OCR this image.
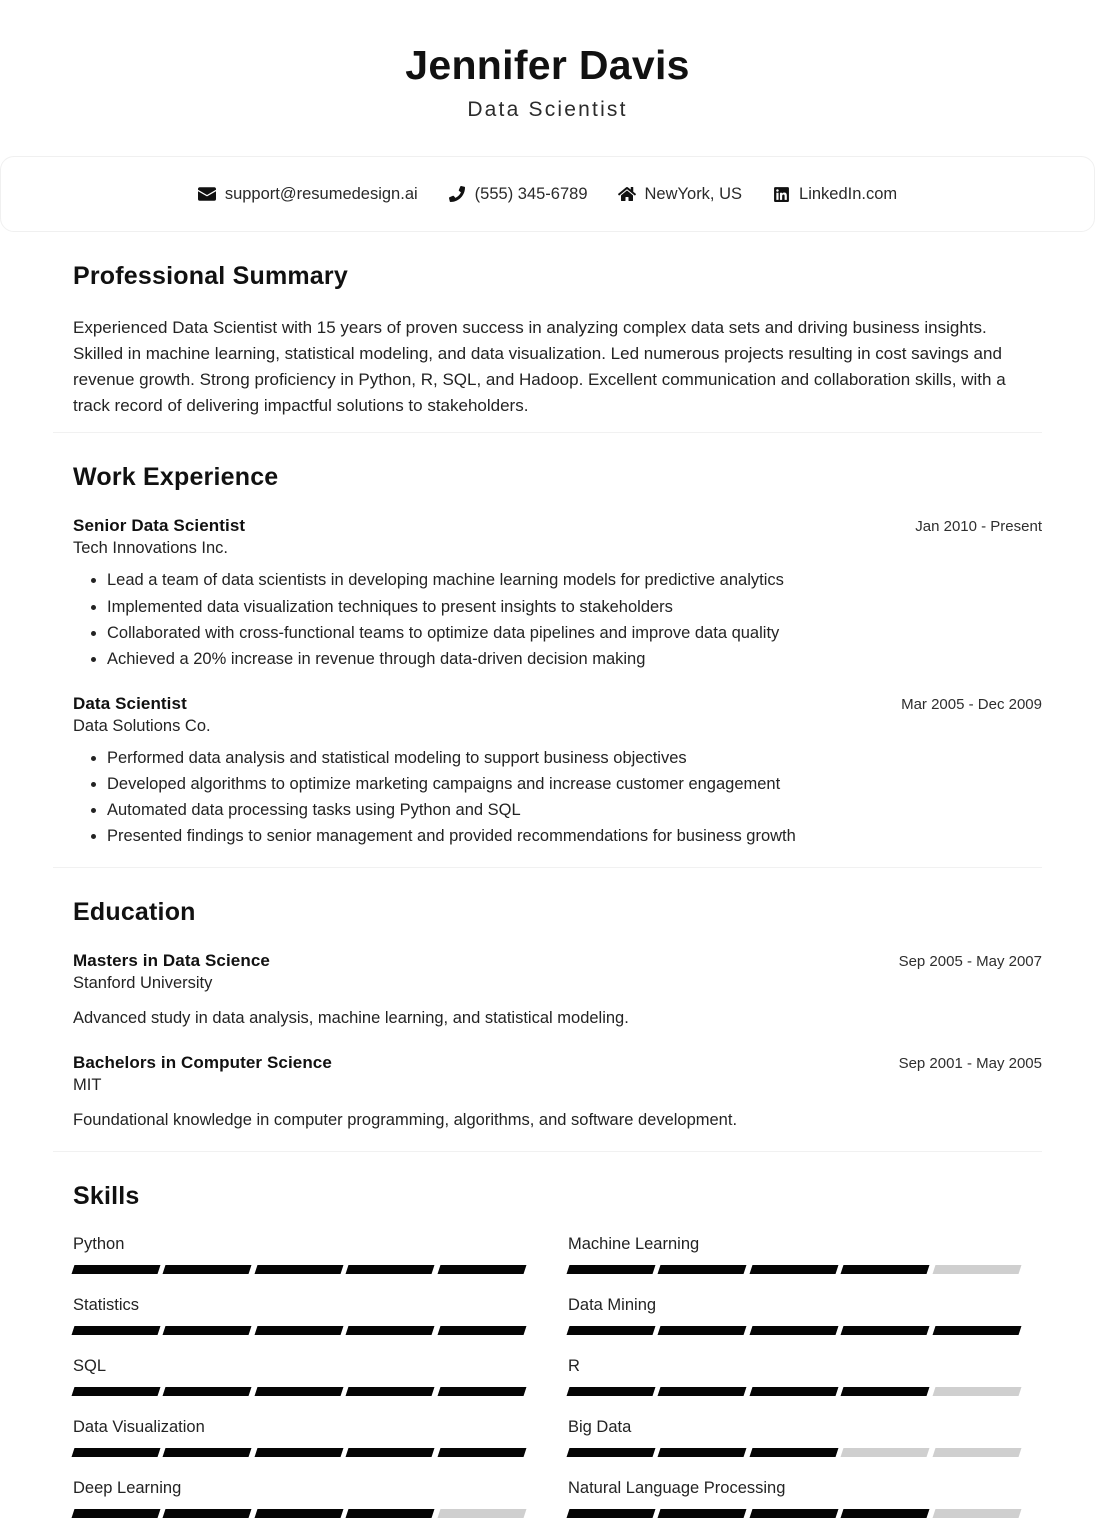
Jennifer Davis
Data Scientist
support@resumedesign.ai	(555) 345-6789	NewYork, US	LinkedIn.com
Professional Summary

Experienced Data Scientist with 15 years of proven success in analyzing complex data sets and driving business insights. Skilled in machine learning, statistical modeling, and data visualization. Led numerous projects resulting in cost savings and revenue growth. Strong proficiency in Python, R, SQL, and Hadoop. Excellent communication and collaboration skills, with a track record of delivering impactful solutions to stakeholders.

Work Experience
Senior Data Scientist	Jan 2010 - Present
Tech Innovations Inc.
• Lead a team of data scientists in developing machine learning models for predictive analytics
• Implemented data visualization techniques to present insights to stakeholders
• Collaborated with cross-functional teams to optimize data pipelines and improve data quality
• Achieved a 20% increase in revenue through data-driven decision making
Data Scientist	Mar 2005 - Dec 2009
Data Solutions Co.
• Performed data analysis and statistical modeling to support business objectives
• Developed algorithms to optimize marketing campaigns and increase customer engagement
• Automated data processing tasks using Python and SQL
• Presented findings to senior management and provided recommendations for business growth
Education
Masters in Data Science	Sep 2005 - May 2007
Stanford University
Advanced study in data analysis, machine learning, and statistical modeling.
Bachelors in Computer Science	Sep 2001 - May 2005
MIT
Foundational knowledge in computer programming, algorithms, and software development.
Skills
Python	Machine Learning
Statistics	Data Mining
SQL	R
Data Visualization	Big Data
Deep Learning	Natural Language Processing
